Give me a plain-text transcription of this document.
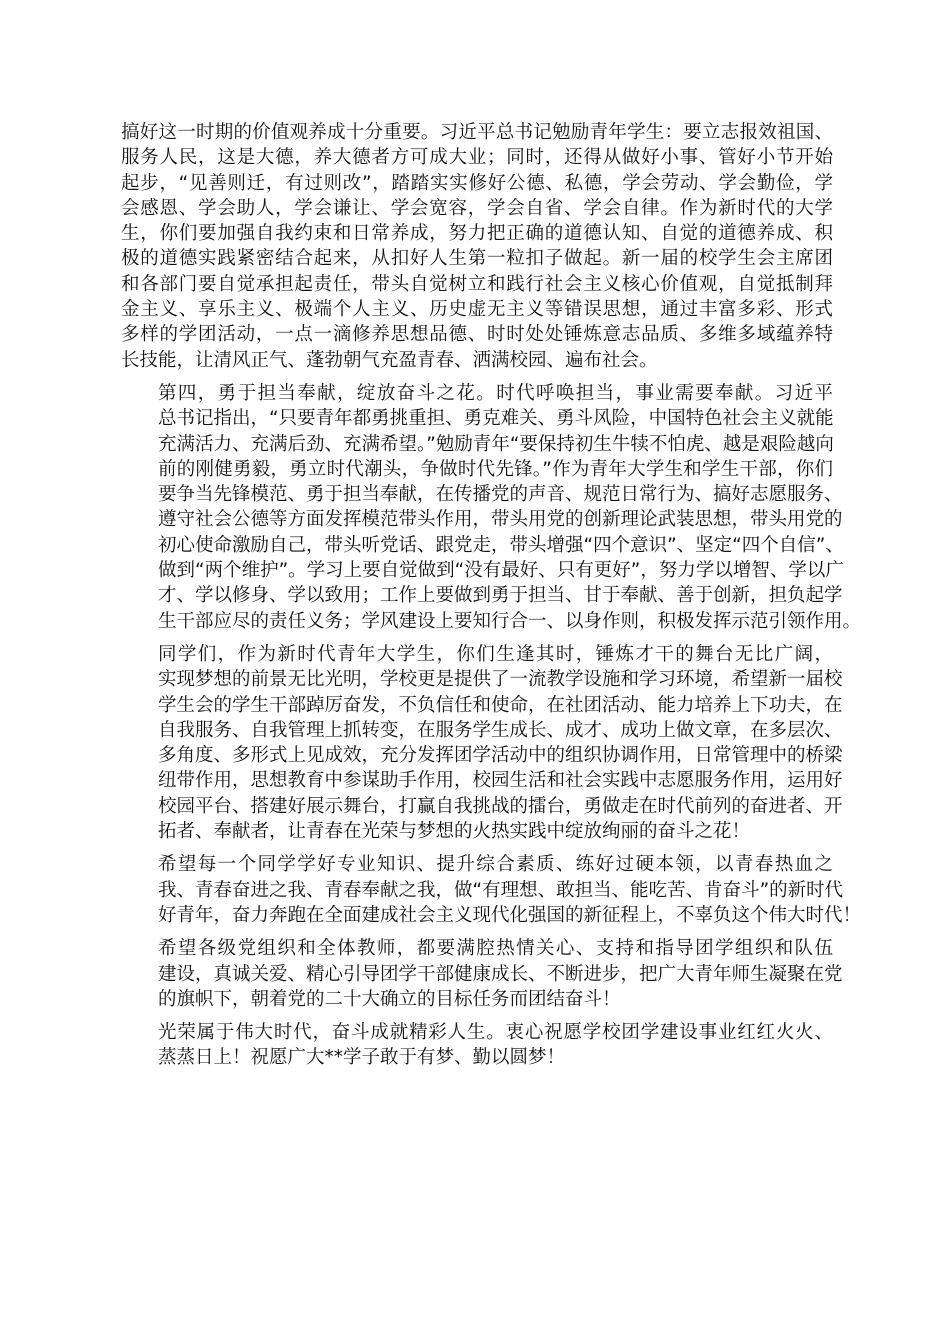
搞好这一时期的价值观养成十分重要。习近平总书记勉励青年学生：要立志报效祖国、
服务人民，这是大德，养大德者方可成大业；同时，还得从做好小事、管好小节开始
起步，“见善则迁，有过则改”，踏踏实实修好公德、私德，学会劳动、学会勤俭，学
会感恩、学会助人，学会谦让、学会宽容，学会自省、学会自律。作为新时代的大学
生，你们要加强自我约束和日常养成，努力把正确的道德认知、自觉的道德养成、积
极的道德实践紧密结合起来，从扣好人生第一粒扣子做起。新一届的校学生会主席团
和各部门要自觉承担起责任，带头自觉树立和践行社会主义核心价值观，自觉抵制拜
金主义、享乐主义、极端个人主义、历史虚无主义等错误思想，通过丰富多彩、形式
多样的学团活动，一点一滴修养思想品德、时时处处锤炼意志品质、多维多域蕴养特
长技能，让清风正气、蓬勃朝气充盈青春、洒满校园、遍布社会。
第四，勇于担当奉献，绽放奋斗之花。时代呼唤担当，事业需要奉献。习近平
总书记指出，“只要青年都勇挑重担、勇克难关、勇斗风险，中国特色社会主义就能
充满活力、充满后劲、充满希望。”勉励青年“要保持初生牛犊不怕虎、越是艰险越向
前的刚健勇毅，勇立时代潮头，争做时代先锋。”作为青年大学生和学生干部，你们
要争当先锋模范、勇于担当奉献，在传播党的声音、规范日常行为、搞好志愿服务、
遵守社会公德等方面发挥模范带头作用，带头用党的创新理论武装思想，带头用党的
初心使命激励自己，带头听党话、跟党走，带头增强“四个意识”、坚定“四个自信”、
做到“两个维护”。学习上要自觉做到“没有最好、只有更好”，努力学以增智、学以广
才、学以修身、学以致用；工作上要做到勇于担当、甘于奉献、善于创新，担负起学
生干部应尽的责任义务；学风建设上要知行合一、以身作则，积极发挥示范引领作用。
同学们，作为新时代青年大学生，你们生逢其时，锤炼才干的舞台无比广阔，
实现梦想的前景无比光明，学校更是提供了一流教学设施和学习环境，希望新一届校
学生会的学生干部踔厉奋发，不负信任和使命，在社团活动、能力培养上下功夫，在
自我服务、自我管理上抓转变，在服务学生成长、成才、成功上做文章，在多层次、
多角度、多形式上见成效，充分发挥团学活动中的组织协调作用，日常管理中的桥梁
纽带作用，思想教育中参谋助手作用，校园生活和社会实践中志愿服务作用，运用好
校园平台、搭建好展示舞台，打赢自我挑战的擂台，勇做走在时代前列的奋进者、开
拓者、奉献者，让青春在光荣与梦想的火热实践中绽放绚丽的奋斗之花！
希望每一个同学学好专业知识、提升综合素质、练好过硬本领，以青春热血之
我、青春奋进之我、青春奉献之我，做“有理想、敢担当、能吃苦、肯奋斗”的新时代
好青年，奋力奔跑在全面建成社会主义现代化强国的新征程上，不辜负这个伟大时代！
希望各级党组织和全体教师，都要满腔热情关心、支持和指导团学组织和队伍
建设，真诚关爱、精心引导团学干部健康成长、不断进步，把广大青年师生凝聚在党
的旗帜下，朝着党的二十大确立的目标任务而团结奋斗！
光荣属于伟大时代，奋斗成就精彩人生。衷心祝愿学校团学建设事业红红火火、
蒸蒸日上！祝愿广大**学子敢于有梦、勤以圆梦！
